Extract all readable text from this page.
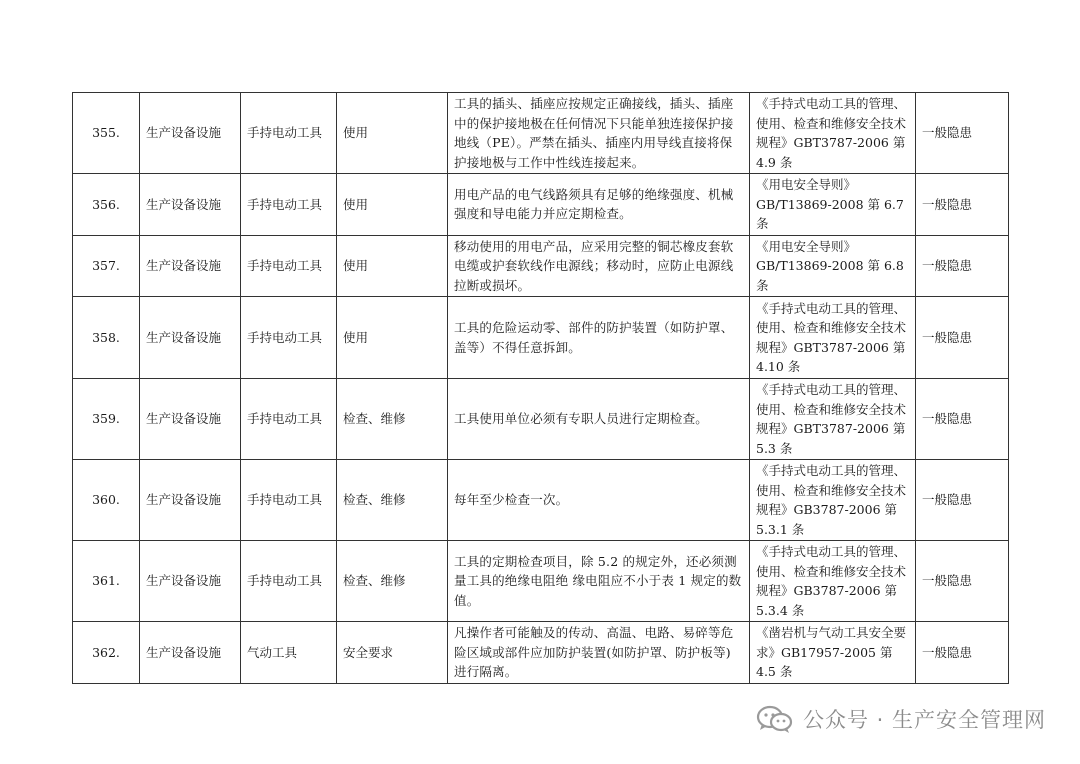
355.	生产设备设施	手持电动工具	使用	工具的插头、插座应按规定正确接线，插头、插座中的保护接地极在任何情况下只能单独连接保护接地线（PE）。严禁在插头、插座内用导线直接将保护接地极与工作中性线连接起来。	《手持式电动工具的管理、使用、检查和维修安全技术规程》GBT3787-2006 第 4.9 条	一般隐患
356.	生产设备设施	手持电动工具	使用	用电产品的电气线路须具有足够的绝缘强度、机械强度和导电能力并应定期检查。	《用电安全导则》GB/T13869-2008 第 6.7 条	一般隐患
357.	生产设备设施	手持电动工具	使用	移动使用的用电产品，应采用完整的铜芯橡皮套软电缆或护套软线作电源线；移动时，应防止电源线拉断或损坏。	《用电安全导则》GB/T13869-2008 第 6.8 条	一般隐患
358.	生产设备设施	手持电动工具	使用	工具的危险运动零、部件的防护装置（如防护罩、盖等）不得任意拆卸。	《手持式电动工具的管理、使用、检查和维修安全技术规程》GBT3787-2006 第 4.10 条	一般隐患
359.	生产设备设施	手持电动工具	检查、维修	工具使用单位必须有专职人员进行定期检查。	《手持式电动工具的管理、使用、检查和维修安全技术规程》GBT3787-2006 第 5.3 条	一般隐患
360.	生产设备设施	手持电动工具	检查、维修	每年至少检查一次。	《手持式电动工具的管理、使用、检查和维修安全技术规程》GB3787-2006 第 5.3.1 条	一般隐患
361.	生产设备设施	手持电动工具	检查、维修	工具的定期检查项目，除 5.2 的规定外，还必须测量工具的绝缘电阻绝 缘电阻应不小于表 1 规定的数值。	《手持式电动工具的管理、使用、检查和维修安全技术规程》GB3787-2006 第 5.3.4 条	一般隐患
362.	生产设备设施	气动工具	安全要求	凡操作者可能触及的传动、高温、电路、易碎等危险区域或部件应加防护装置(如防护罩、防护板等)进行隔离。	《凿岩机与气动工具安全要求》GB17957-2005 第 4.5 条	一般隐患
公众号 · 生产安全管理网
